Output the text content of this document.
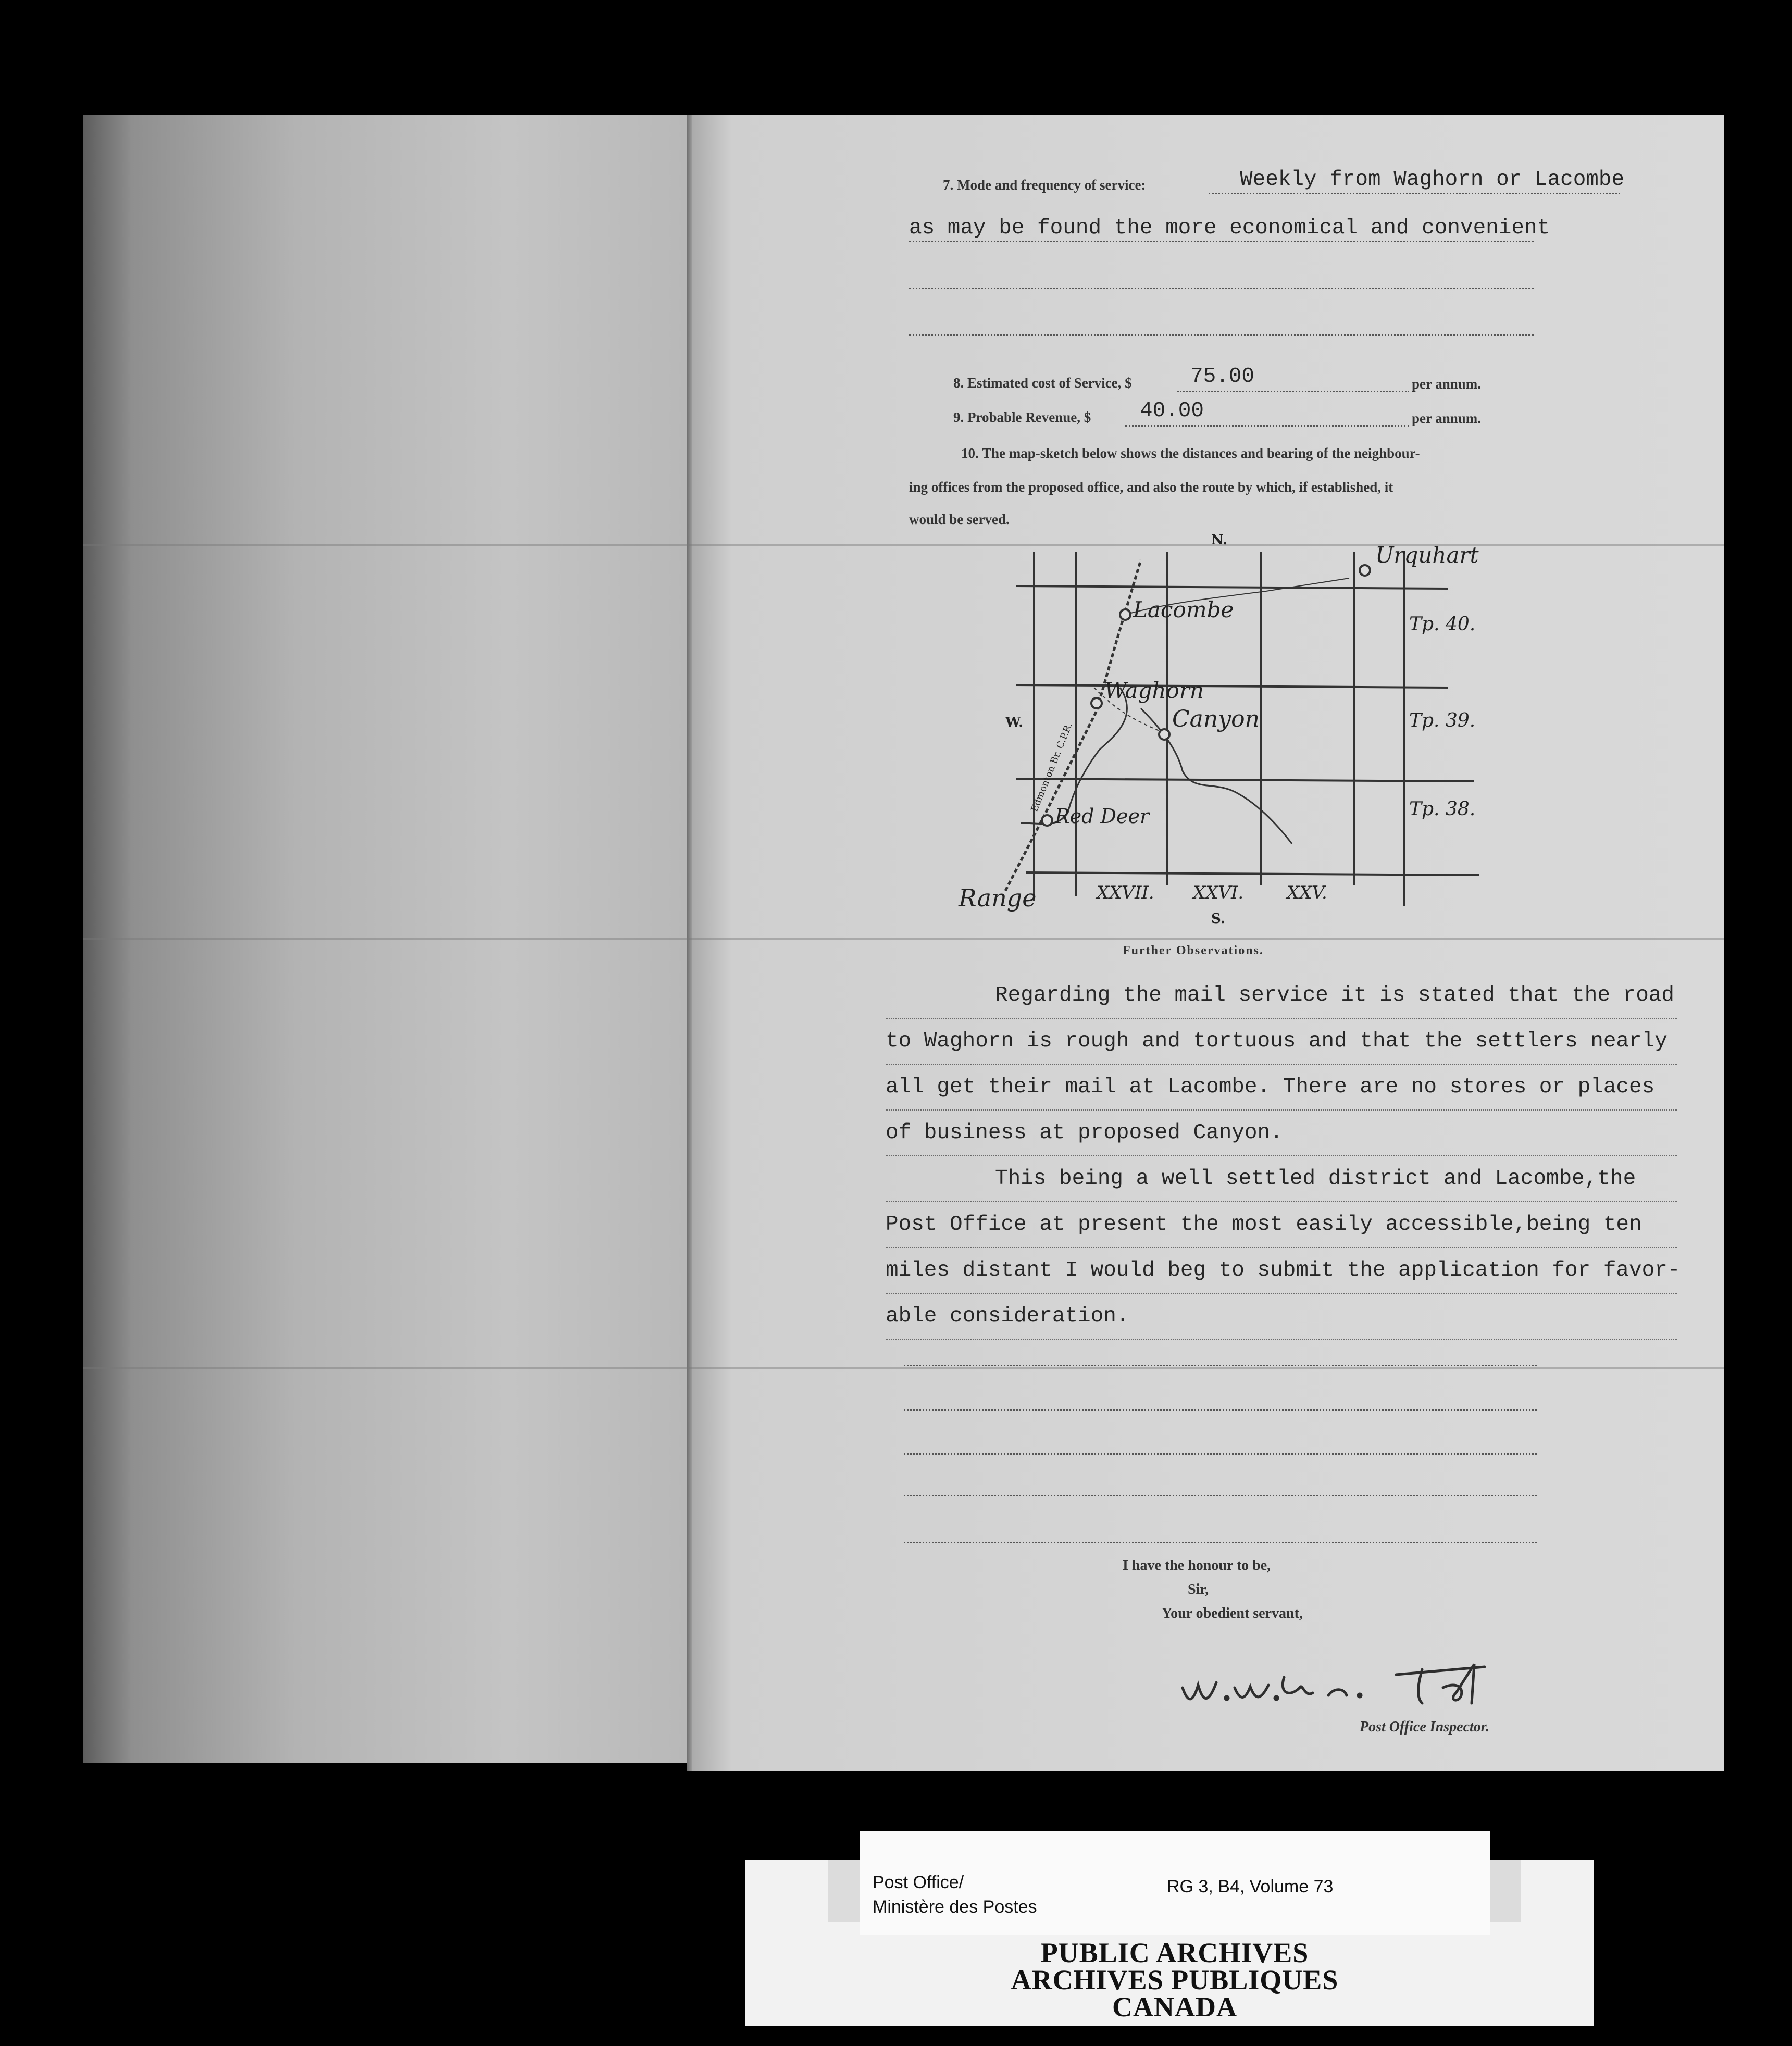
7. Mode and frequency of service:	Weekly from Waghorn or Lacombe
as may be found the more economical and convenient
8. Estimated cost of Service, $	75.00	per annum.
9. Probable Revenue, $ 40.00	per annum.
10. The map-sketch below shows the distances and bearing of the neighbour-
ing offices from the proposed office, and also the route by which, if established, it
would be served.
N.
S.
W.
Urquhart
Lacombe
Waghorn
Canyon
Red Deer
Edmonton Br. C.P.R.
Tp. 40.
Tp. 39.
Tp. 38.
Range	XXVII. XXVI. XXV.
Further Observations.
Regarding the mail service it is stated that the road
to Waghorn is rough and tortuous and that the settlers nearly
all get their mail at Lacombe. There are no stores or places
of business at proposed Canyon.
This being a well settled district and Lacombe,the
Post Office at present the most easily accessible,being ten
miles distant I would beg to submit the application for favor-
able consideration.
I have the honour to be,
Sir,
Your obedient servant,
Post Office Inspector.
Post Office/
Ministère des Postes
RG 3, B4, Volume 73
PUBLIC ARCHIVES
ARCHIVES PUBLIQUES
CANADA
